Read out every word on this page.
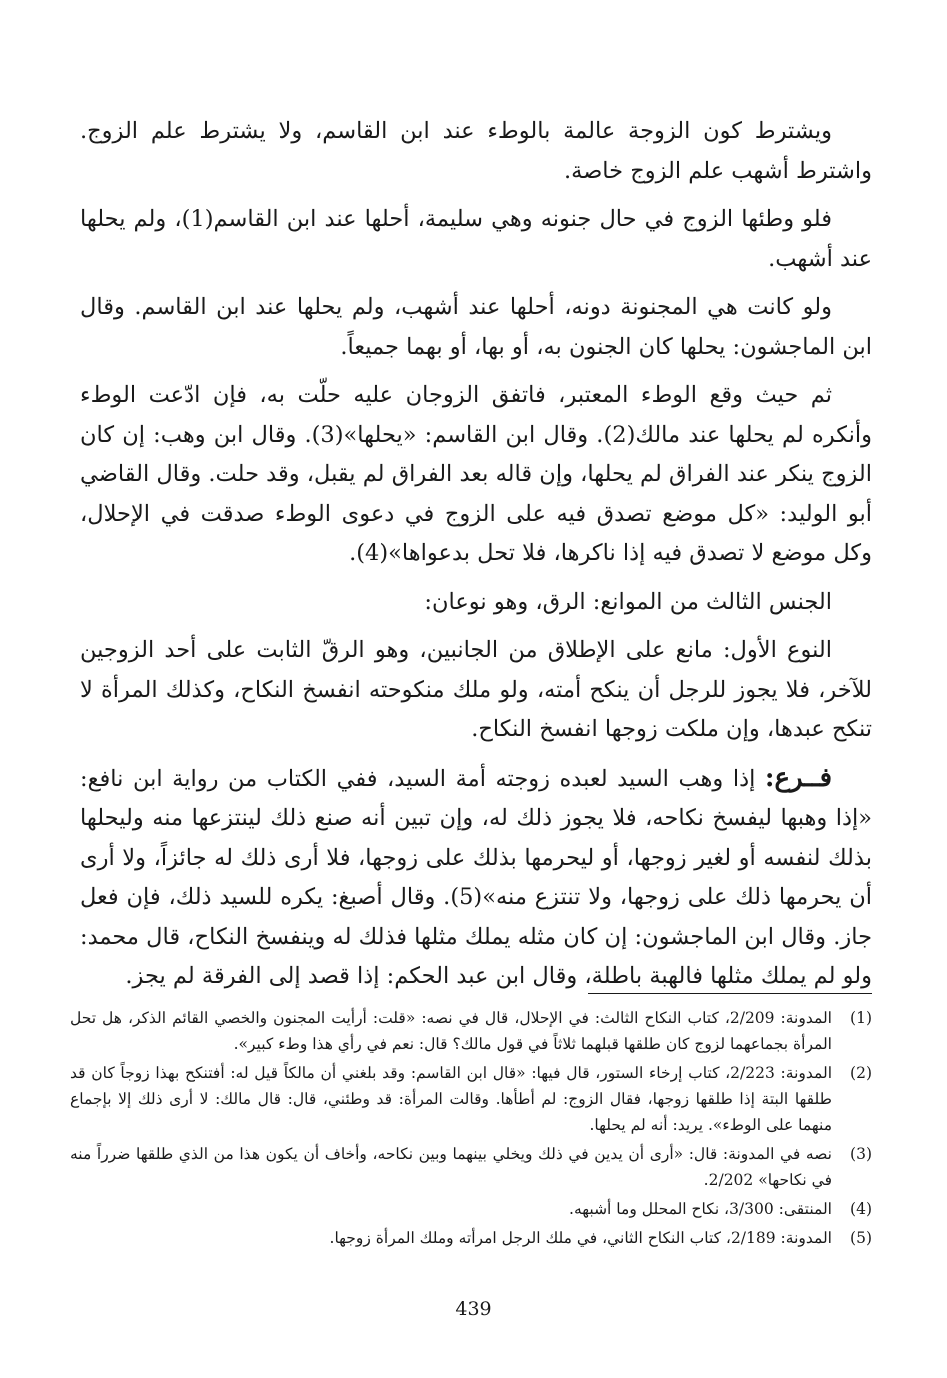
ويشترط كون الزوجة عالمة بالوطء عند ابن القاسم، ولا يشترط علم الزوج. واشترط أشهب علم الزوج خاصة.

فلو وطئها الزوج في حال جنونه وهي سليمة، أحلها عند ابن القاسم(1)، ولم يحلها عند أشهب.

ولو كانت هي المجنونة دونه، أحلها عند أشهب، ولم يحلها عند ابن القاسم. وقال ابن الماجشون: يحلها كان الجنون به، أو بها، أو بهما جميعاً.

ثم حيث وقع الوطء المعتبر، فاتفق الزوجان عليه حلّت به، فإن ادّعت الوطء وأنكره لم يحلها عند مالك(2). وقال ابن القاسم: «يحلها»(3). وقال ابن وهب: إن كان الزوج ينكر عند الفراق لم يحلها، وإن قاله بعد الفراق لم يقبل، وقد حلت. وقال القاضي أبو الوليد: «كل موضع تصدق فيه على الزوج في دعوى الوطء صدقت في الإحلال، وكل موضع لا تصدق فيه إذا ناكرها، فلا تحل بدعواها»(4).

الجنس الثالث من الموانع: الرق، وهو نوعان:

النوع الأول: مانع على الإطلاق من الجانبين، وهو الرقّ الثابت على أحد الزوجين للآخر، فلا يجوز للرجل أن ينكح أمته، ولو ملك منكوحته انفسخ النكاح، وكذلك المرأة لا تنكح عبدها، وإن ملكت زوجها انفسخ النكاح.

فــرع: إذا وهب السيد لعبده زوجته أمة السيد، ففي الكتاب من رواية ابن نافع: «إذا وهبها ليفسخ نكاحه، فلا يجوز ذلك له، وإن تبين أنه صنع ذلك لينتزعها منه وليحلها بذلك لنفسه أو لغير زوجها، أو ليحرمها بذلك على زوجها، فلا أرى ذلك له جائزاً، ولا أرى أن يحرمها ذلك على زوجها، ولا تنتزع منه»(5). وقال أصبغ: يكره للسيد ذلك، فإن فعل جاز. وقال ابن الماجشون: إن كان مثله يملك مثلها فذلك له وينفسخ النكاح، قال محمد: ولو لم يملك مثلها فالهبة باطلة، وقال ابن عبد الحكم: إذا قصد إلى الفرقة لم يجز.

(1)
المدونة: 2/209، كتاب النكاح الثالث: في الإحلال، قال في نصه: «قلت: أرأيت المجنون والخصي القائم الذكر، هل تحل المرأة بجماعهما لزوج كان طلقها قبلهما ثلاثاً في قول مالك؟ قال: نعم في رأي هذا وطء كبير».
(2)
المدونة: 2/223، كتاب إرخاء الستور، قال فيها: «قال ابن القاسم: وقد بلغني أن مالكاً قيل له: أفتنكح بهذا زوجاً كان قد طلقها البتة إذا طلقها زوجها، فقال الزوج: لم أطأها. وقالت المرأة: قد وطئني، قال: قال مالك: لا أرى ذلك إلا بإجماع منهما على الوطء». يريد: أنه لم يحلها.
(3)
نصه في المدونة: قال: «أرى أن يدين في ذلك ويخلي بينهما وبين نكاحه، وأخاف أن يكون هذا من الذي طلقها ضرراً منه في نكاحها» 2/202.
(4)
المنتقى: 3/300، نكاح المحلل وما أشبهه.
(5)
المدونة: 2/189، كتاب النكاح الثاني، في ملك الرجل امرأته وملك المرأة زوجها.
439
